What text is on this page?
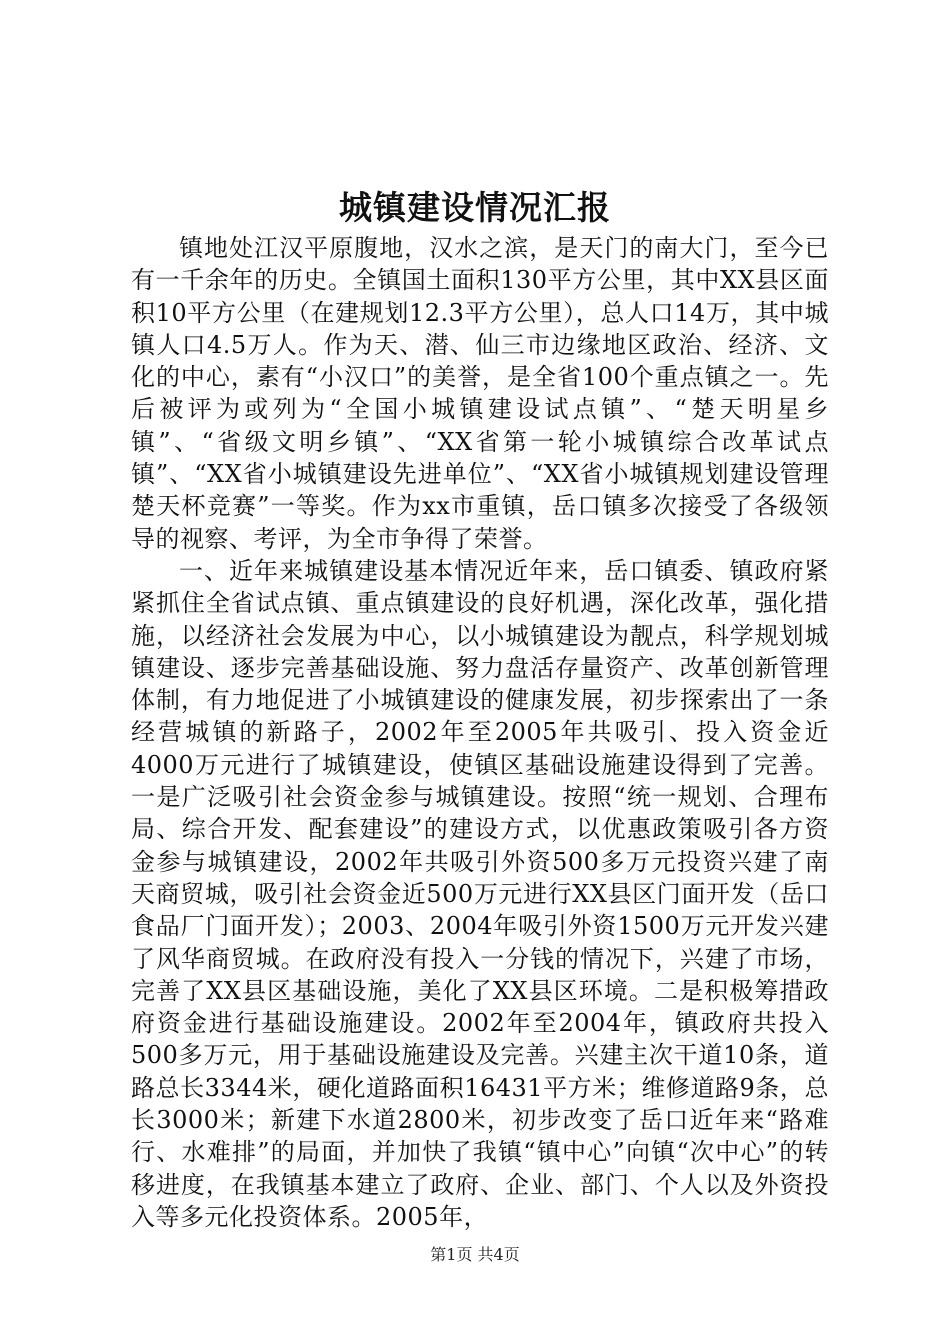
城镇建设情况汇报

镇地处江汉平原腹地，汉水之滨，是天门的南大门，至今已有一千余年的历史。全镇国土面积130平方公里，其中XX县区面积10平方公里（在建规划12.3平方公里），总人口14万，其中城镇人口4.5万人。作为天、潜、仙三市边缘地区政治、经济、文化的中心，素有“小汉口”的美誉，是全省100个重点镇之一。先后被评为或列为“全国小城镇建设试点镇”、“楚天明星乡镇”、“省级文明乡镇”、“XX省第一轮小城镇综合改革试点镇”、“XX省小城镇建设先进单位”、“XX省小城镇规划建设管理楚天杯竞赛”一等奖。作为xx市重镇，岳口镇多次接受了各级领导的视察、考评，为全市争得了荣誉。

一、近年来城镇建设基本情况近年来，岳口镇委、镇政府紧紧抓住全省试点镇、重点镇建设的良好机遇，深化改革，强化措施，以经济社会发展为中心，以小城镇建设为靓点，科学规划城镇建设、逐步完善基础设施、努力盘活存量资产、改革创新管理体制，有力地促进了小城镇建设的健康发展，初步探索出了一条经营城镇的新路子，2002年至2005年共吸引、投入资金近4000万元进行了城镇建设，使镇区基础设施建设得到了完善。一是广泛吸引社会资金参与城镇建设。按照“统一规划、合理布局、综合开发、配套建设”的建设方式，以优惠政策吸引各方资金参与城镇建设，2002年共吸引外资500多万元投资兴建了南天商贸城，吸引社会资金近500万元进行XX县区门面开发（岳口食品厂门面开发）；2003、2004年吸引外资1500万元开发兴建了风华商贸城。在政府没有投入一分钱的情况下，兴建了市场，完善了XX县区基础设施，美化了XX县区环境。二是积极筹措政府资金进行基础设施建设。2002年至2004年，镇政府共投入500多万元，用于基础设施建设及完善。兴建主次干道10条，道路总长3344米，硬化道路面积16431平方米；维修道路9条，总长3000米；新建下水道2800米，初步改变了岳口近年来“路难行、水难排”的局面，并加快了我镇“镇中心”向镇“次中心”的转移进度，在我镇基本建立了政府、企业、部门、个人以及外资投入等多元化投资体系。2005年，

第1页 共4页
